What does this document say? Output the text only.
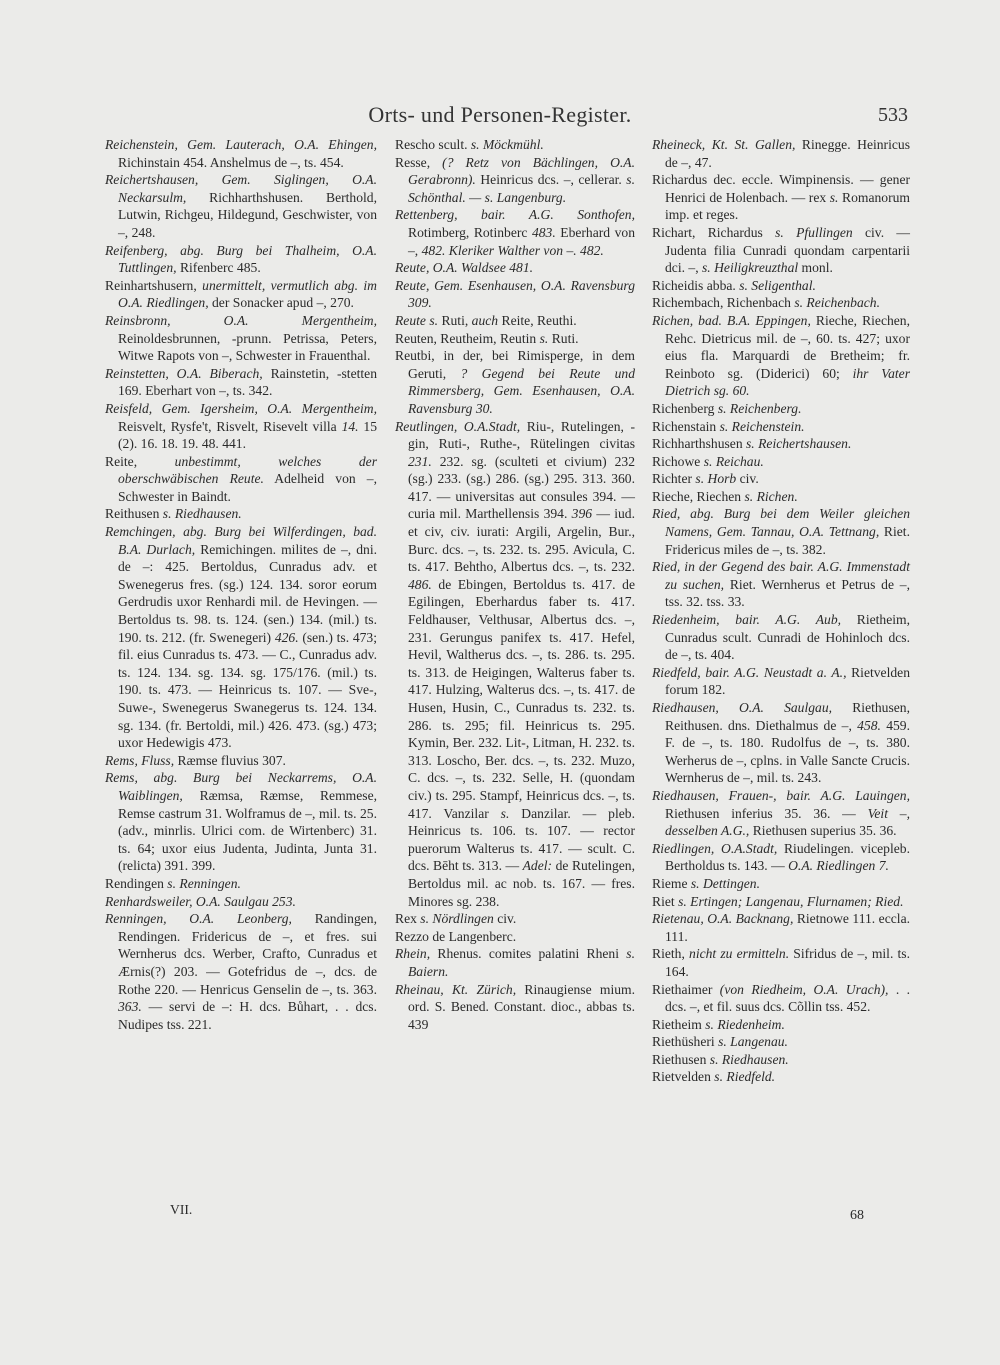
Orts- und Personen-Register.	533

Reichenstein, Gem. Lauterach, O.A. Ehingen, Richinstain 454. Anshelmus de –, ts. 454.

Reichertshausen, Gem. Siglingen, O.A. Neckarsulm, Richharthshusen. Berthold, Lutwin, Richgeu, Hildegund, Geschwister, von –, 248.

Reifenberg, abg. Burg bei Thalheim, O.A. Tuttlingen, Rifenberc 485.

Reinhartshusern, unermittelt, vermutlich abg. im O.A. Riedlingen, der Sonacker apud –, 270.

Reinsbronn, O.A. Mergentheim, Reinoldesbrunnen, -prunn. Petrissa, Peters, Witwe Rapots von –, Schwester in Frauenthal.

Reinstetten, O.A. Biberach, Rainstetin, -stetten 169. Eberhart von –, ts. 342.

Reisfeld, Gem. Igersheim, O.A. Mergentheim, Reisvelt, Rysfe't, Risvelt, Risevelt villa 14. 15 (2). 16. 18. 19. 48. 441.

Reite, unbestimmt, welches der oberschwäbischen Reute. Adelheid von –, Schwester in Baindt.

Reithusen s. Riedhausen.

Remchingen, abg. Burg bei Wilferdingen, bad. B.A. Durlach, Remichingen. milites de –, dni. de –: 425. Bertoldus, Cunradus adv. et Swenegerus fres. (sg.) 124. 134. soror eorum Gerdrudis uxor Renhardi mil. de Hevingen. — Bertoldus ts. 98. ts. 124. (sen.) 134. (mil.) ts. 190. ts. 212. (fr. Swenegeri) 426. (sen.) ts. 473; fil. eius Cunradus ts. 473. — C., Cunradus adv. ts. 124. 134. sg. 134. sg. 175/176. (mil.) ts. 190. ts. 473. — Heinricus ts. 107. — Sve-, Suwe-, Swenegerus Swanegerus ts. 124. 134. sg. 134. (fr. Bertoldi, mil.) 426. 473. (sg.) 473; uxor Hedewigis 473.

Rems, Fluss, Ræmse fluvius 307.

Rems, abg. Burg bei Neckarrems, O.A. Waiblingen, Ræmsa, Ræmse, Remmese, Remse castrum 31. Wolframus de –, mil. ts. 25. (adv., minrlis. Ulrici com. de Wirtenberc) 31. ts. 64; uxor eius Judenta, Judinta, Junta 31. (relicta) 391. 399.

Rendingen s. Renningen.

Renhardsweiler, O.A. Saulgau 253.

Renningen, O.A. Leonberg, Randingen, Rendingen. Fridericus de –, et fres. sui Wernherus dcs. Werber, Crafto, Cunradus et Ærnis(?) 203. — Gotefridus de –, dcs. de Rothe 220. — Henricus Genselin de –, ts. 363. 363. — servi de –: H. dcs. Bůhart, . . dcs. Nudipes tss. 221.

Rescho scult. s. Möckmühl.

Resse, (? Retz von Bächlingen, O.A. Gerabronn). Heinricus dcs. –, cellerar. s. Schönthal. — s. Langenburg.

Rettenberg, bair. A.G. Sonthofen, Rotimberg, Rotinberc 483. Eberhard von –, 482. Kleriker Walther von –. 482.

Reute, O.A. Waldsee 481.

Reute, Gem. Esenhausen, O.A. Ravensburg 309.

Reute s. Ruti, auch Reite, Reuthi.

Reuten, Reutheim, Reutin s. Ruti.

Reutbi, in der, bei Rimisperge, in dem Geruti, ? Gegend bei Reute und Rimmersberg, Gem. Esenhausen, O.A. Ravensburg 30.

Reutlingen, O.A.Stadt, Riu-, Rutelingen, -gin, Ruti-, Ruthe-, Rütelingen civitas 231. 232. sg. (sculteti et civium) 232 (sg.) 233. (sg.) 286. (sg.) 295. 313. 360. 417. — universitas aut consules 394. — curia mil. Marthellensis 394. 396 — iud. et civ, civ. iurati: Argili, Argelin, Bur., Burc. dcs. –, ts. 232. ts. 295. Avicula, C. ts. 417. Behtho, Albertus dcs. –, ts. 232. 486. de Ebingen, Bertoldus ts. 417. de Egilingen, Eberhardus faber ts. 417. Feldhauser, Velthusar, Albertus dcs. –, 231. Gerungus panifex ts. 417. Hefel, Hevil, Waltherus dcs. –, ts. 286. ts. 295. ts. 313. de Heigingen, Walterus faber ts. 417. Hulzing, Walterus dcs. –, ts. 417. de Husen, Husin, C., Cunradus ts. 232. ts. 286. ts. 295; fil. Heinricus ts. 295. Kymin, Ber. 232. Lit-, Litman, H. 232. ts. 313. Loscho, Ber. dcs. –, ts. 232. Muzo, C. dcs. –, ts. 232. Selle, H. (quondam civ.) ts. 295. Stampf, Heinricus dcs. –, ts. 417. Vanzilar s. Danzilar. — pleb. Heinricus ts. 106. ts. 107. — rector puerorum Walterus ts. 417. — scult. C. dcs. Bēht ts. 313. — Adel: de Rutelingen, Bertoldus mil. ac nob. ts. 167. — fres. Minores sg. 238.

Rex s. Nördlingen civ.

Rezzo de Langenberc.

Rhein, Rhenus. comites palatini Rheni s. Baiern.

Rheinau, Kt. Zürich, Rinaugiense mium. ord. S. Bened. Constant. dioc., abbas ts. 439

Rheineck, Kt. St. Gallen, Rinegge. Heinricus de –, 47.

Richardus dec. eccle. Wimpinensis. — gener Henrici de Holenbach. — rex s. Romanorum imp. et reges.

Richart, Richardus s. Pfullingen civ. — Judenta filia Cunradi quondam carpentarii dci. –, s. Heiligkreuzthal monl.

Richeidis abba. s. Seligenthal.

Richembach, Richenbach s. Reichenbach.

Richen, bad. B.A. Eppingen, Rieche, Riechen, Rehc. Dietricus mil. de –, 60. ts. 427; uxor eius fla. Marquardi de Bretheim; fr. Reinboto sg. (Diderici) 60; ihr Vater Dietrich sg. 60.

Richenberg s. Reichenberg.

Richenstain s. Reichenstein.

Richharthshusen s. Reichertshausen.

Richowe s. Reichau.

Richter s. Horb civ.

Rieche, Riechen s. Richen.

Ried, abg. Burg bei dem Weiler gleichen Namens, Gem. Tannau, O.A. Tettnang, Riet. Fridericus miles de –, ts. 382.

Ried, in der Gegend des bair. A.G. Immenstadt zu suchen, Riet. Wernherus et Petrus de –, tss. 32. tss. 33.

Riedenheim, bair. A.G. Aub, Rietheim, Cunradus scult. Cunradi de Hohinloch dcs. de –, ts. 404.

Riedfeld, bair. A.G. Neustadt a. A., Rietvelden forum 182.

Riedhausen, O.A. Saulgau, Riethusen, Reithusen. dns. Diethalmus de –, 458. 459. F. de –, ts. 180. Rudolfus de –, ts. 380. Werherus de –, cplns. in Valle Sancte Crucis. Wernherus de –, mil. ts. 243.

Riedhausen, Frauen-, bair. A.G. Lauingen, Riethusen inferius 35. 36. — Veit –, desselben A.G., Riethusen superius 35. 36.

Riedlingen, O.A.Stadt, Riudelingen. viceplеb. Bertholdus ts. 143. — O.A. Riedlingen 7.

Rieme s. Dettingen.

Riet s. Ertingen; Langenau, Flurnamen; Ried.

Rietenau, O.A. Backnang, Rietnowe 111. eccla. 111.

Rieth, nicht zu ermitteln. Sifridus de –, mil. ts. 164.

Riethaimer (von Riedheim, O.A. Urach), . . dcs. –, et fil. suus dcs. Cõllin tss. 452.

Rietheim s. Riedenheim.

Riethüsheri s. Langenau.

Riethusen s. Riedhausen.

Rietvelden s. Riedfeld.

VII.	68
